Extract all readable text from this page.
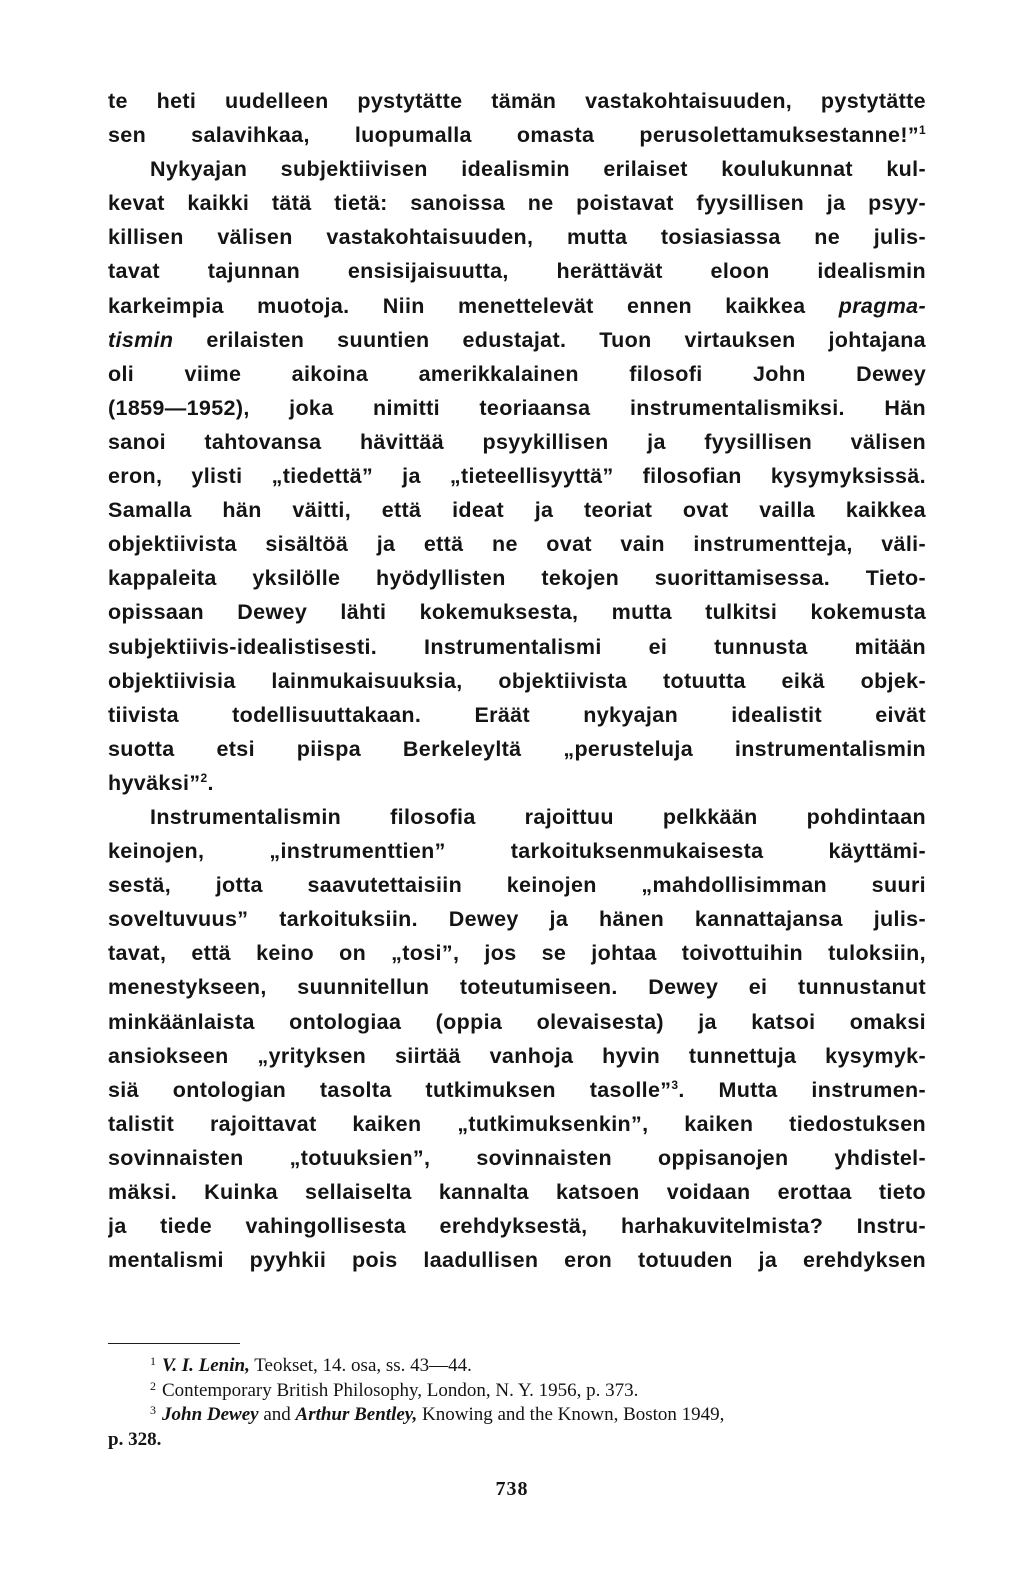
te heti uudelleen pystytätte tämän vastakohtaisuuden, pystytätte
sen salavihkaa, luopumalla omasta perusolettamuksestanne!”$^1$
Nykyajan subjektiivisen idealismin erilaiset koulukunnat kul-
kevat kaikki tätä tietä: sanoissa ne poistavat fyysillisen ja psyy-
killisen välisen vastakohtaisuuden, mutta tosiasiassa ne julis-
tavat tajunnan ensisijaisuutta, herättävät eloon idealismin
karkeimpia muotoja. Niin menettelevät ennen kaikkea pragma-
tismin erilaisten suuntien edustajat. Tuon virtauksen johtajana
oli viime aikoina amerikkalainen filosofi John Dewey
(1859—1952), joka nimitti teoriaansa instrumentalismiksi. Hän
sanoi tahtovansa hävittää psyykillisen ja fyysillisen välisen
eron, ylisti „tiedettä” ja „tieteellisyyttä” filosofian kysymyksissä.
Samalla hän väitti, että ideat ja teoriat ovat vailla kaikkea
objektiivista sisältöä ja että ne ovat vain instrumentteja, väli-
kappaleita yksilölle hyödyllisten tekojen suorittamisessa. Tieto-
opissaan Dewey lähti kokemuksesta, mutta tulkitsi kokemusta
subjektiivis-idealistisesti. Instrumentalismi ei tunnusta mitään
objektiivisia lainmukaisuuksia, objektiivista totuutta eikä objek-
tiivista todellisuuttakaan. Eräät nykyajan idealistit eivät
suotta etsi piispa Berkeleyltä „perusteluja instrumentalismin
hyväksi”$^2$.
Instrumentalismin filosofia rajoittuu pelkkään pohdintaan
keinojen, „instrumenttien” tarkoituksenmukaisesta käyttämi-
sestä, jotta saavutettaisiin keinojen „mahdollisimman suuri
soveltuvuus” tarkoituksiin. Dewey ja hänen kannattajansa julis-
tavat, että keino on „tosi”, jos se johtaa toivottuihin tuloksiin,
menestykseen, suunnitellun toteutumiseen. Dewey ei tunnustanut
minkäänlaista ontologiaa (oppia olevaisesta) ja katsoi omaksi
ansiokseen „yrityksen siirtää vanhoja hyvin tunnettuja kysymyk-
siä ontologian tasolta tutkimuksen tasolle”$^3$. Mutta instrumen-
talistit rajoittavat kaiken „tutkimuksenkin”, kaiken tiedostuksen
sovinnaisten „totuuksien”, sovinnaisten oppisanojen yhdistel-
mäksi. Kuinka sellaiselta kannalta katsoen voidaan erottaa tieto
ja tiede vahingollisesta erehdyksestä, harhakuvitelmista? Instru-
mentalismi pyyhkii pois laadullisen eron totuuden ja erehdyksen
$^1$ V. I. Lenin, Teokset, 14. osa, ss. 43—44.
$^2$ Contemporary British Philosophy, London, N. Y. 1956, p. 373.
$^3$ John Dewey and Arthur Bentley, Knowing and the Known, Boston 1949,
p. 328.
738
